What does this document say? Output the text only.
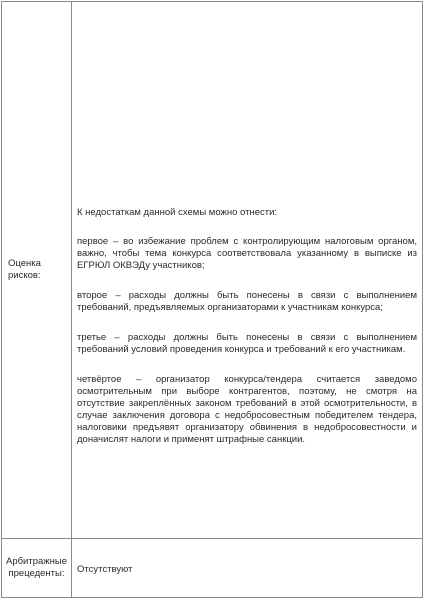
Оценка рисков:	К недостаткам данной схемы можно отнести:

первое – во избежание проблем с контролирующим налоговым органом, важно, чтобы тема конкурса соответствовала указанному в выписке из ЕГРЮЛ ОКВЭДу участников;

второе – расходы должны быть понесены в связи с выполнением требований, предъявляемых организаторами к участникам конкурса;

третье – расходы должны быть понесены в связи с выполнением требований условий проведения конкурса и требований к его участникам.

четвёртое – организатор конкурса/тендера считается заведомо осмотрительным при выборе контрагентов, поэтому, не смотря на отсутствие закреплённых законом требований в этой осмотрительности, в случае заключения договора с недобросовестным победителем тендера, налоговики предъявят организатору обвинения в недобросовестности и доначислят налоги и применят штрафные санкции.

Арбитражные прецеденты:	Отсутствуют
